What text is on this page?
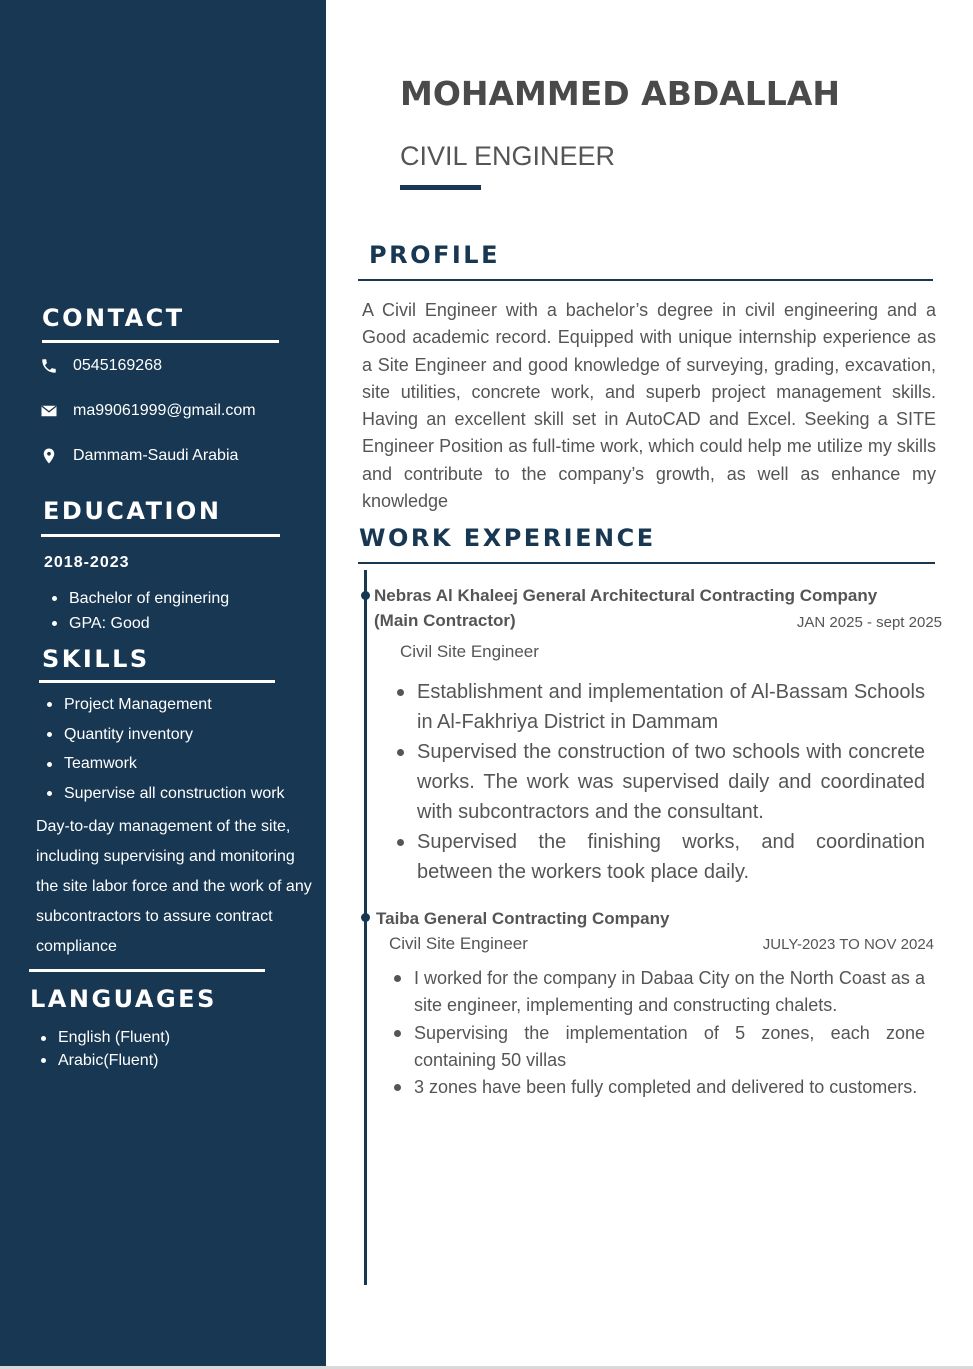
CONTACT
0545169268
ma99061999@gmail.com
Dammam-Saudi Arabia
EDUCATION
2018-2023
Bachelor of enginering
GPA: Good
SKILLS
Project Management
Quantity inventory
Teamwork
Supervise all construction work

Day-to-day management of the site, including supervising and monitoring the site labor force and the work of any subcontractors to assure contract compliance

LANGUAGES
English (Fluent)
Arabic(Fluent)
MOHAMMED ABDALLAH
CIVIL ENGINEER
PROFILE

A Civil Engineer with a bachelor’s degree in civil engineering and a Good academic record. Equipped with unique internship experience as a Site Engineer and good knowledge of surveying, grading, excavation, site utilities, concrete work, and superb project management skills. Having an excellent skill set in AutoCAD and Excel. Seeking a SITE Engineer Position as full-time work, which could help me utilize my skills and contribute to the company’s growth, as well as enhance my knowledge

WORK EXPERIENCE
Nebras Al Khaleej General Architectural Contracting Company
(Main Contractor)	JAN 2025 - sept 2025
Civil Site Engineer
Establishment and implementation of Al-Bassam Schools in Al-Fakhriya District in Dammam
Supervised the construction of two schools with concrete works. The work was supervised daily and coordinated with subcontractors and the consultant.
Supervised the finishing works, and coordination between the workers took place daily.
Taiba General Contracting Company
Civil Site Engineer	JULY-2023 TO NOV 2024
I worked for the company in Dabaa City on the North Coast as a site engineer, implementing and constructing chalets.
Supervising the implementation of 5 zones, each zone containing 50 villas
3 zones have been fully completed and delivered to customers.
